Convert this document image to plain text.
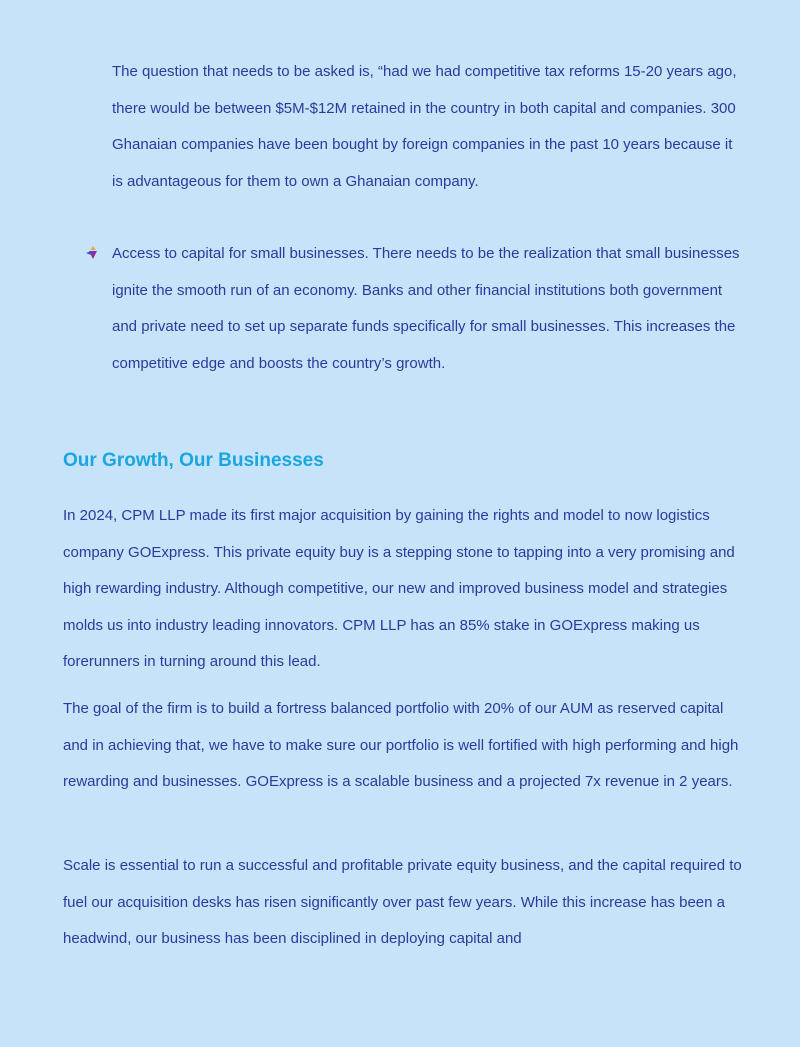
The question that needs to be asked is, “had we had competitive tax reforms 15-20 years ago, there would be between $5M-$12M retained in the country in both capital and companies. 300 Ghanaian companies have been bought by foreign companies in the past 10 years because it is advantageous for them to own a Ghanaian company.

Access to capital for small businesses. There needs to be the realization that small businesses ignite the smooth run of an economy. Banks and other financial institutions both government and private need to set up separate funds specifically for small businesses. This increases the competitive edge and boosts the country’s growth.

Our Growth, Our Businesses

In 2024, CPM LLP made its first major acquisition by gaining the rights and model to now logistics company GOExpress. This private equity buy is a stepping stone to tapping into a very promising and high rewarding industry. Although competitive, our new and improved business model and strategies molds us into industry leading innovators. CPM LLP has an 85% stake in GOExpress making us forerunners in turning around this lead.

The goal of the firm is to build a fortress balanced portfolio with 20% of our AUM as reserved capital and in achieving that, we have to make sure our portfolio is well fortified with high performing and high rewarding and businesses. GOExpress is a scalable business and a projected 7x revenue in 2 years.

Scale is essential to run a successful and profitable private equity business, and the capital required to fuel our acquisition desks has risen significantly over past few years. While this increase has been a headwind, our business has been disciplined in deploying capital and
